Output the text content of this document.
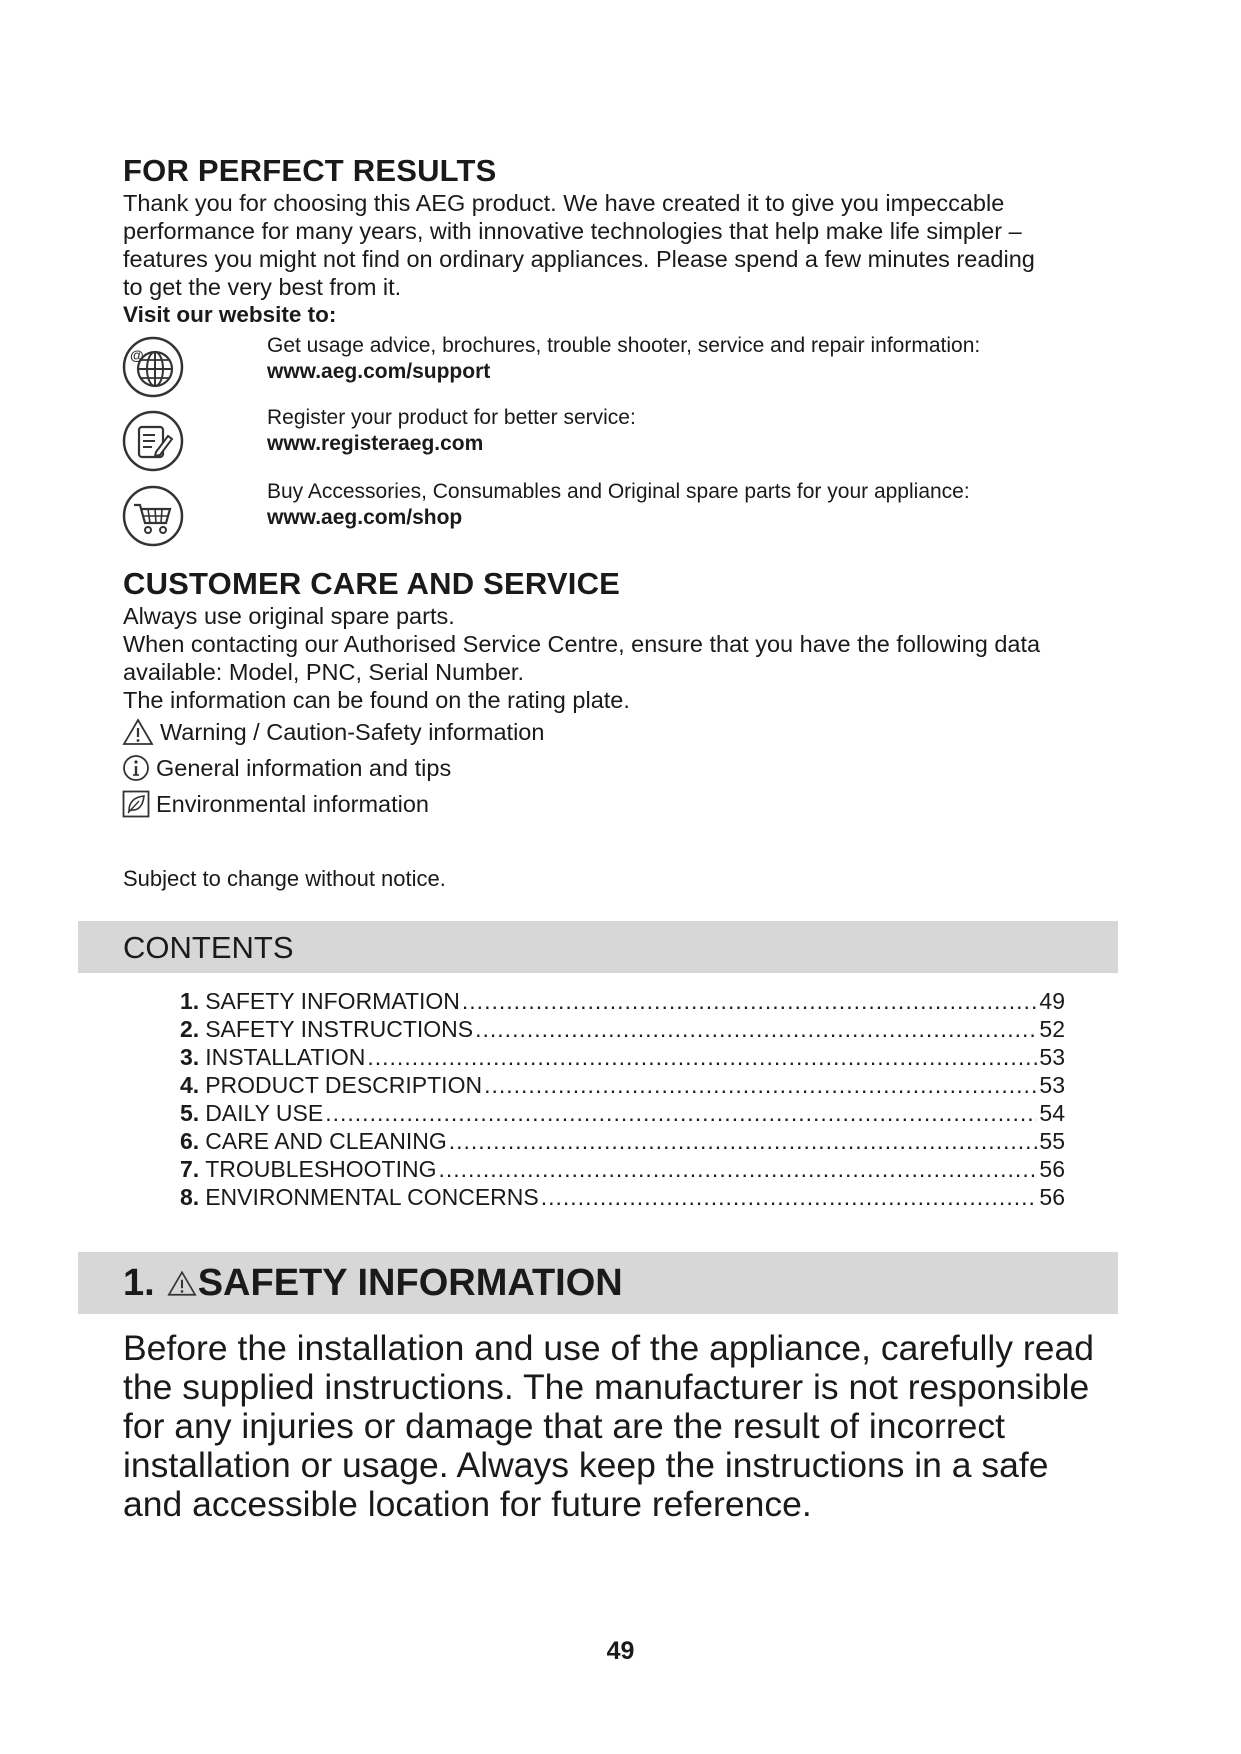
FOR PERFECT RESULTS
Thank you for choosing this AEG product. We have created it to give you impeccable
performance for many years, with innovative technologies that help make life simpler –
features you might not find on ordinary appliances. Please spend a few minutes reading
to get the very best from it.
Visit our website to:
@	Get usage advice, brochures, trouble shooter, service and repair information:
www.aeg.com/support
Register your product for better service:
www.registeraeg.com
Buy Accessories, Consumables and Original spare parts for your appliance:
www.aeg.com/shop
CUSTOMER CARE AND SERVICE
Always use original spare parts.
When contacting our Authorised Service Centre, ensure that you have the following data
available: Model, PNC, Serial Number.
The information can be found on the rating plate.
Warning / Caution-Safety information
General information and tips
Environmental information
Subject to change without notice.
CONTENTS
1. SAFETY INFORMATION .....	49
2. SAFETY INSTRUCTIONS .....	52
3. INSTALLATION .....	53
4. PRODUCT DESCRIPTION .....	53
5. DAILY USE .....	54
6. CARE AND CLEANING .....	55
7. TROUBLESHOOTING .....	56
8. ENVIRONMENTAL CONCERNS .....	56
1. SAFETY INFORMATION
Before the installation and use of the appliance, carefully read
the supplied instructions. The manufacturer is not responsible
for any injuries or damage that are the result of incorrect
installation or usage. Always keep the instructions in a safe
and accessible location for future reference.
49
